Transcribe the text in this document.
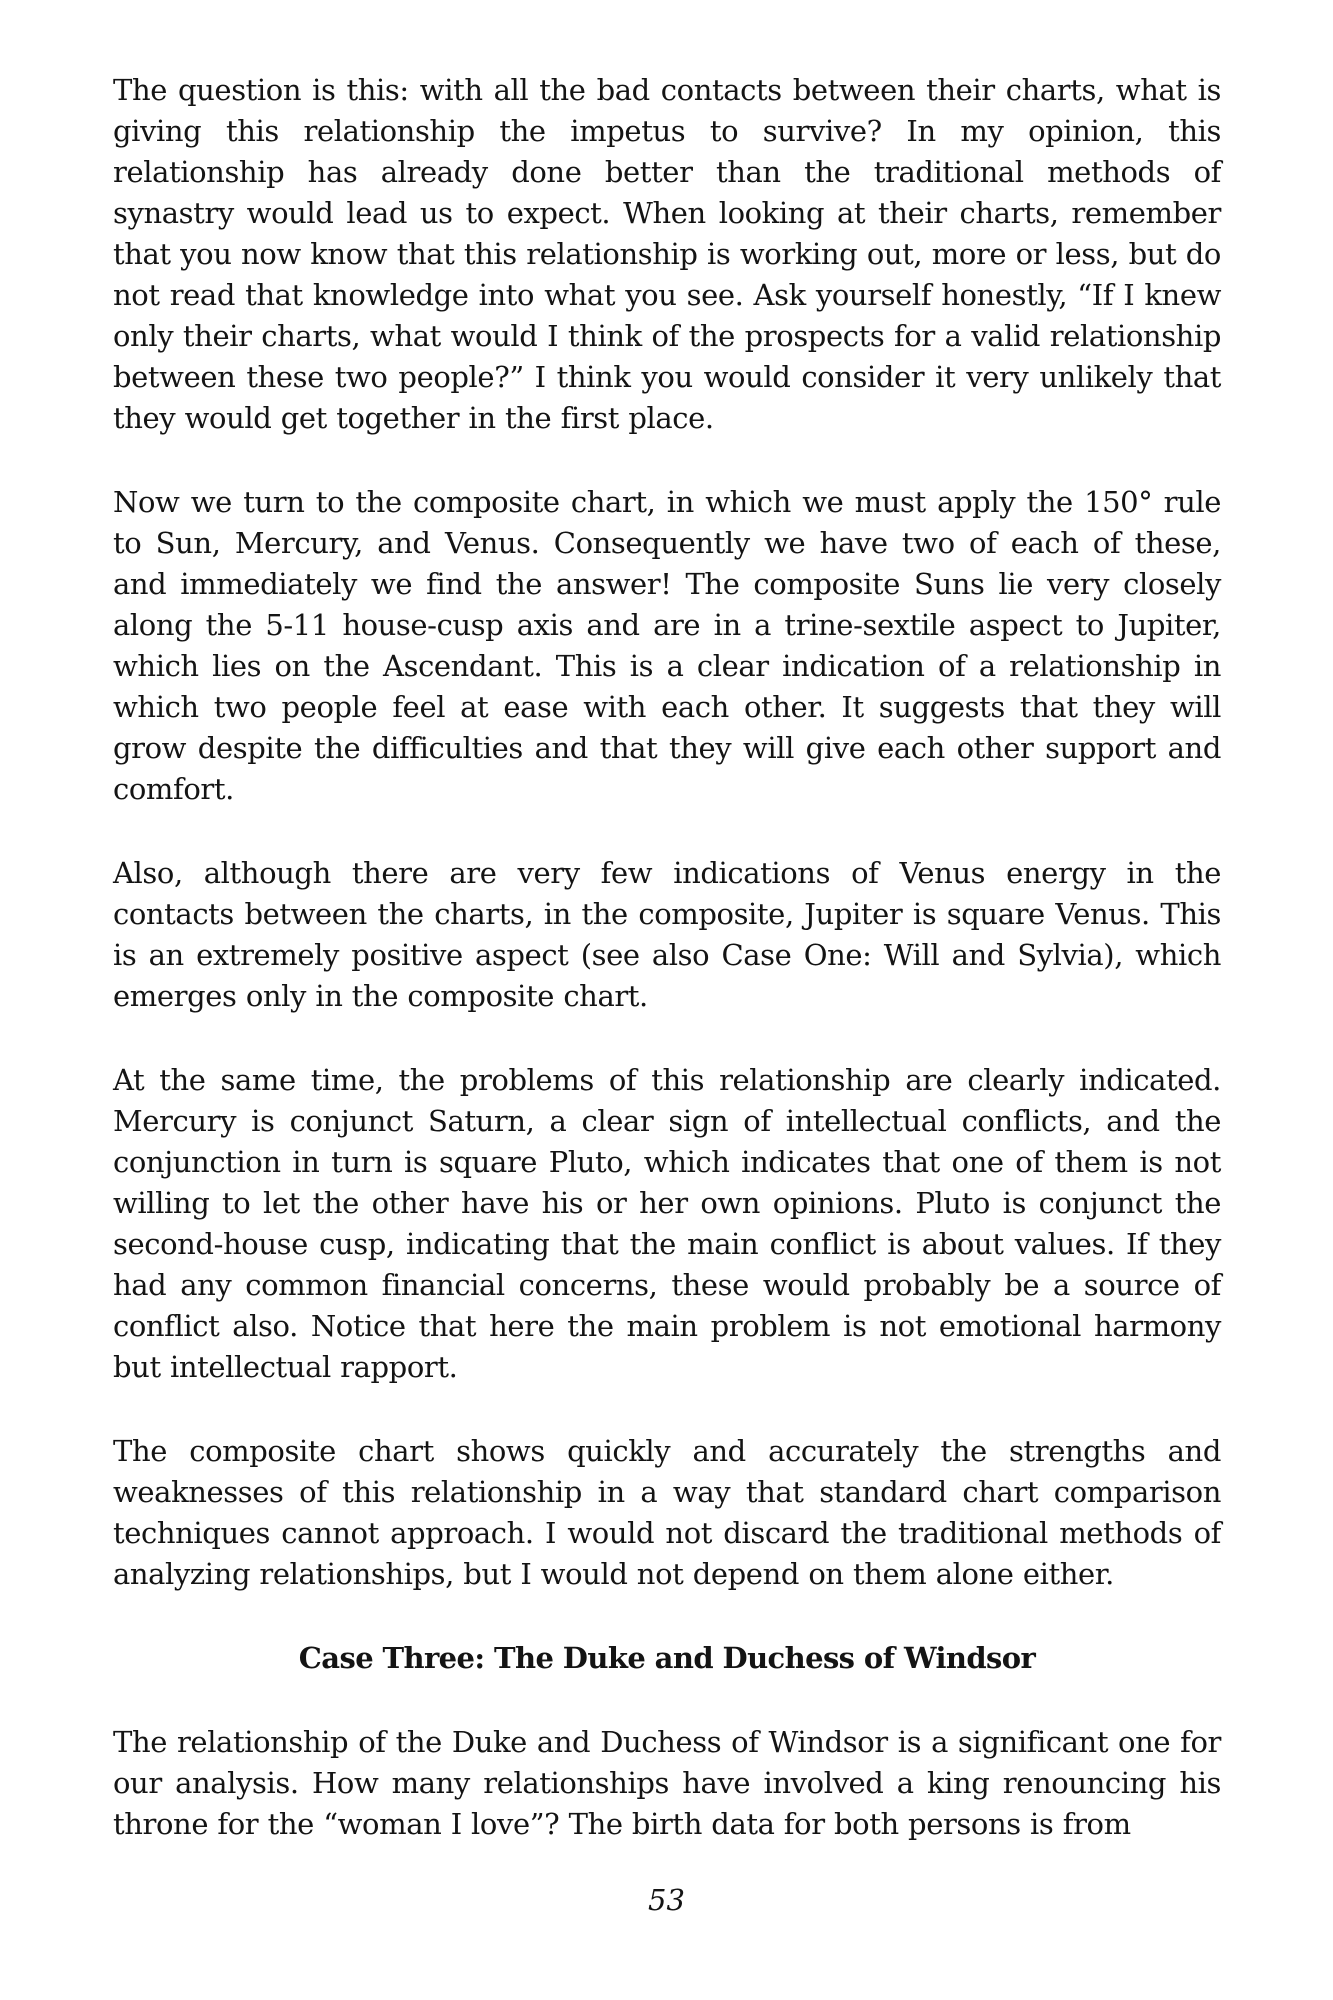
The question is this: with all the bad contacts between their charts, what is giving this relationship the impetus to survive? In my opinion, this relationship has already done better than the traditional methods of synastry would lead us to expect. When looking at their charts, remember that you now know that this relationship is working out, more or less, but do not read that knowledge into what you see. Ask yourself honestly, “If I knew only their charts, what would I think of the prospects for a valid relationship between these two people?” I think you would consider it very unlikely that they would get together in the first place.

Now we turn to the composite chart, in which we must apply the 150° rule to Sun, Mercury, and Venus. Consequently we have two of each of these, and immediately we find the answer! The composite Suns lie very closely along the 5-11 house-cusp axis and are in a trine-sextile aspect to Jupiter, which lies on the Ascendant. This is a clear indication of a relationship in which two people feel at ease with each other. It suggests that they will grow despite the difficulties and that they will give each other support and comfort.

Also, although there are very few indications of Venus energy in the contacts between the charts, in the composite, Jupiter is square Venus. This is an extremely positive aspect (see also Case One: Will and Sylvia), which emerges only in the composite chart.

At the same time, the problems of this relationship are clearly indicated. Mercury is conjunct Saturn, a clear sign of intellectual conflicts, and the conjunction in turn is square Pluto, which indicates that one of them is not willing to let the other have his or her own opinions. Pluto is conjunct the second-house cusp, indicating that the main conflict is about values. If they had any common financial concerns, these would probably be a source of conflict also. Notice that here the main problem is not emotional harmony but intellectual rapport.

The composite chart shows quickly and accurately the strengths and weaknesses of this relationship in a way that standard chart comparison techniques cannot approach. I would not discard the traditional methods of analyzing relationships, but I would not depend on them alone either.

Case Three: The Duke and Duchess of Windsor

The relationship of the Duke and Duchess of Windsor is a significant one for our analysis. How many relationships have involved a king renouncing his throne for the “woman I love”? The birth data for both persons is from

53
